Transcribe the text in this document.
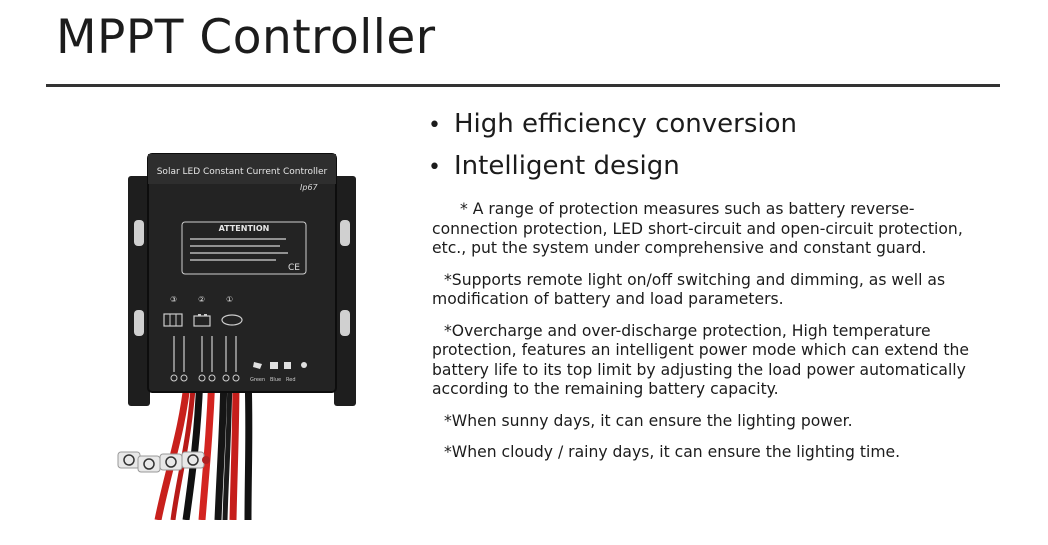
MPPT Controller
Solar LED Constant Current Controller
Ip67
ATTENTION
CE
③	②	①
Green Blue Red
• High efficiency conversion
• Intelligent design

* A range of protection measures such as battery reverse-connection protection, LED short-circuit and open-circuit protection, etc., put the system under comprehensive and constant guard.

*Supports remote light on/off switching and dimming, as well as modification of battery and load parameters.

*Overcharge and over-discharge protection, High temperature protection, features an intelligent power mode which can extend the battery life to its top limit by adjusting the load power automatically according to the remaining battery capacity.

*When sunny days, it can ensure the lighting power.

*When cloudy / rainy days, it can ensure the lighting time.
